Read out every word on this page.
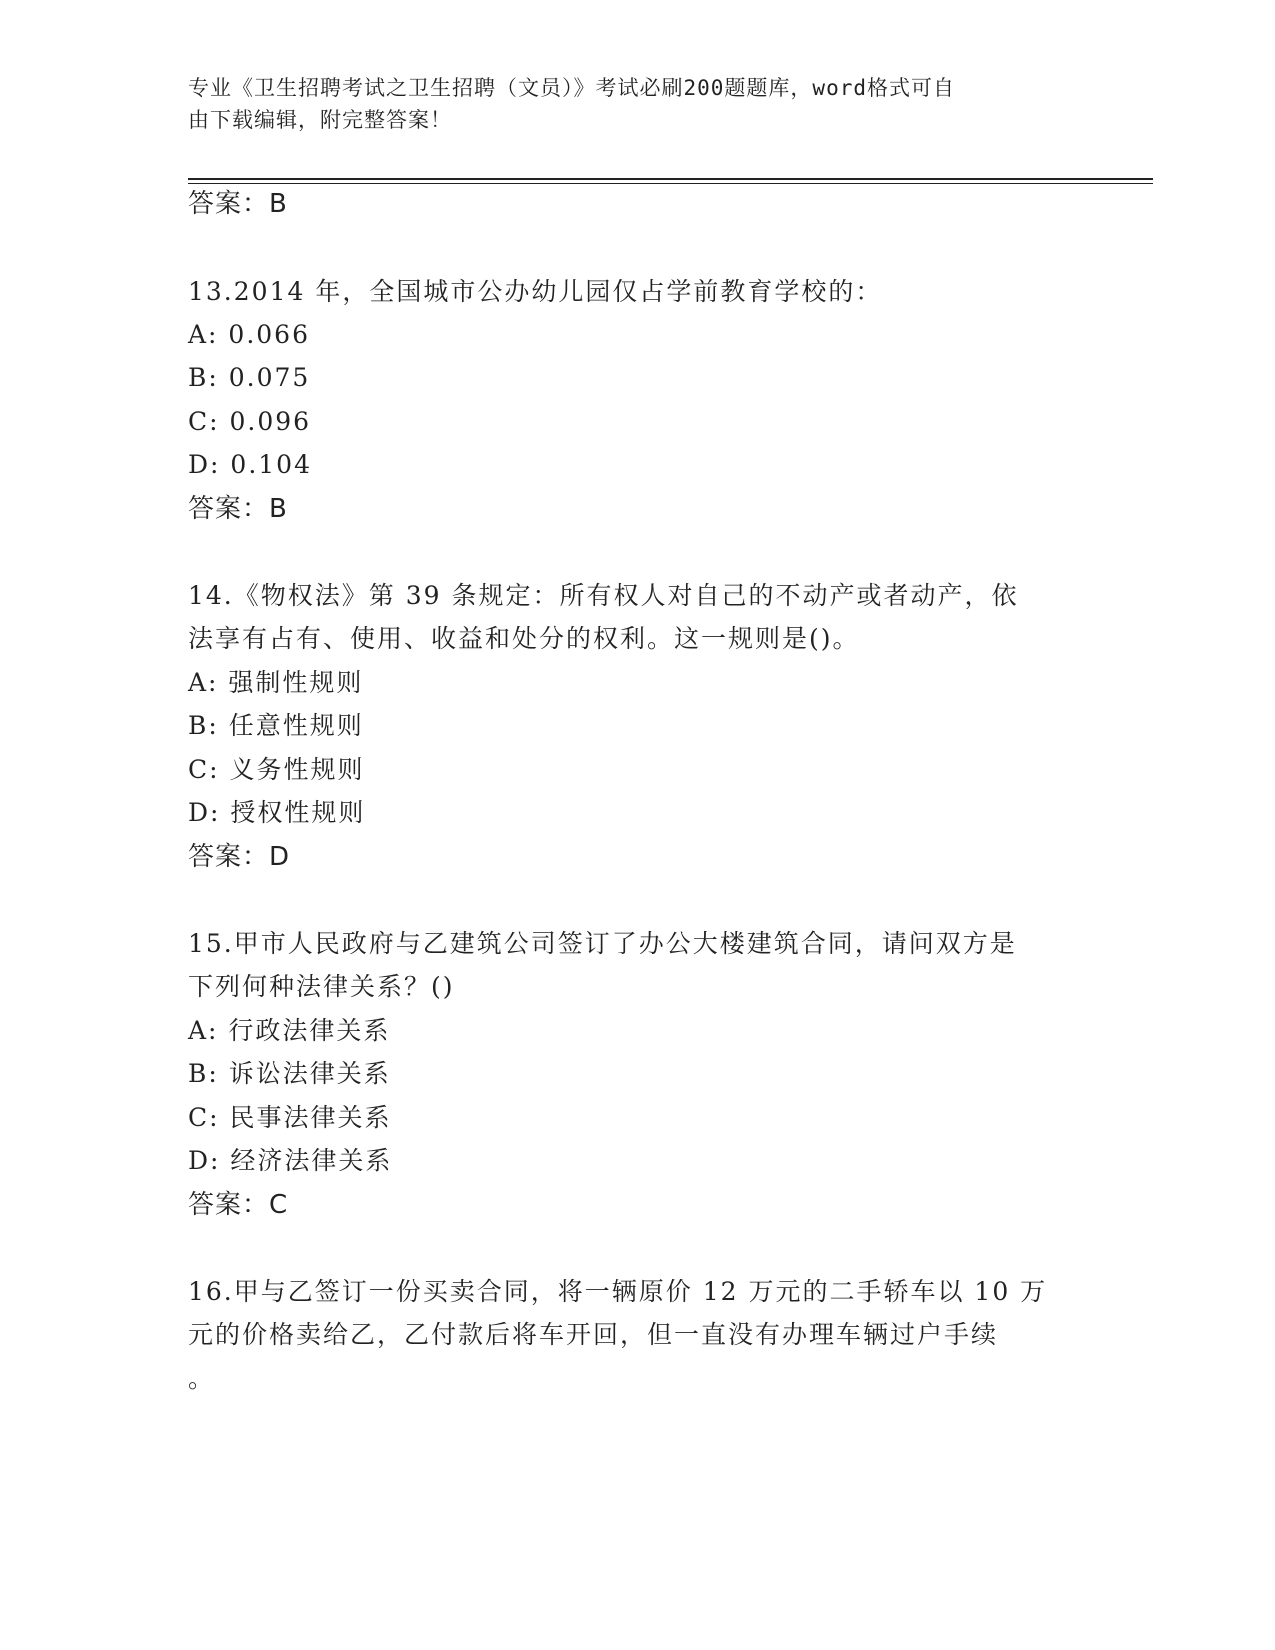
专业《卫生招聘考试之卫生招聘（文员）》考试必刷200题题库，word格式可自
由下载编辑，附完整答案！
答案：B
13.2014 年，全国城市公办幼儿园仅占学前教育学校的：
A: 0.066
B: 0.075
C: 0.096
D: 0.104
答案：B
14.《物权法》第 39 条规定：所有权人对自己的不动产或者动产，依
法享有占有、使用、收益和处分的权利。这一规则是()。
A: 强制性规则
B: 任意性规则
C: 义务性规则
D: 授权性规则
答案：D
15.甲市人民政府与乙建筑公司签订了办公大楼建筑合同，请问双方是
下列何种法律关系？()
A: 行政法律关系
B: 诉讼法律关系
C: 民事法律关系
D: 经济法律关系
答案：C
16.甲与乙签订一份买卖合同，将一辆原价 12 万元的二手轿车以 10 万
元的价格卖给乙，乙付款后将车开回，但一直没有办理车辆过户手续
。
